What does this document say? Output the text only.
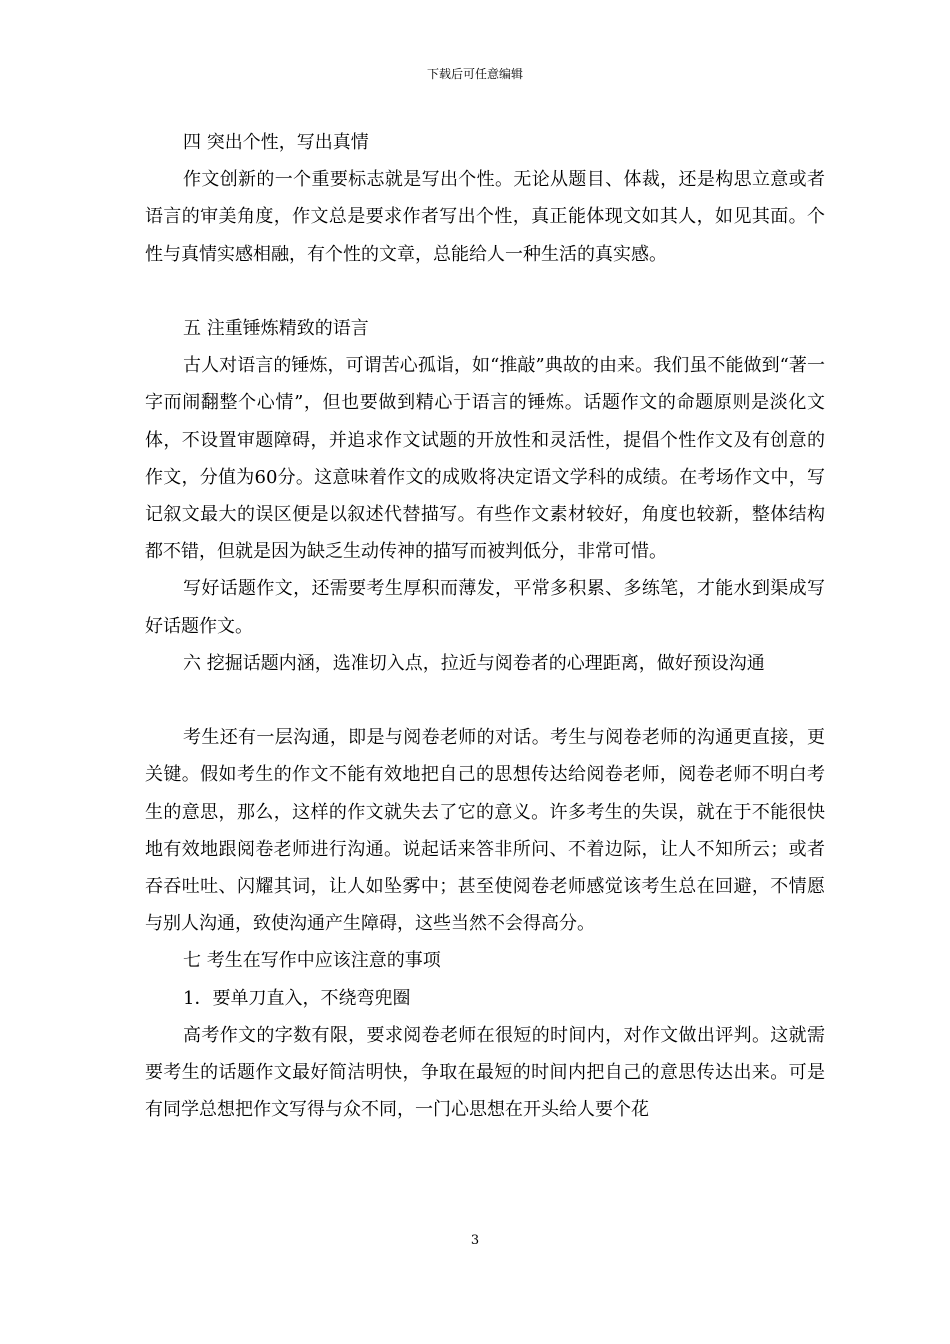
下载后可任意编辑

四 突出个性，写出真情

作文创新的一个重要标志就是写出个性。无论从题目、体裁，还是构思立意或者语言的审美角度，作文总是要求作者写出个性，真正能体现文如其人，如见其面。个性与真情实感相融，有个性的文章，总能给人一种生活的真实感。

五 注重锤炼精致的语言

古人对语言的锤炼，可谓苦心孤诣，如“推敲”典故的由来。我们虽不能做到“著一字而闹翻整个心情”，但也要做到精心于语言的锤炼。话题作文的命题原则是淡化文体，不设置审题障碍，并追求作文试题的开放性和灵活性，提倡个性作文及有创意的作文，分值为60分。这意味着作文的成败将决定语文学科的成绩。在考场作文中，写记叙文最大的误区便是以叙述代替描写。有些作文素材较好，角度也较新，整体结构都不错，但就是因为缺乏生动传神的描写而被判低分，非常可惜。

写好话题作文，还需要考生厚积而薄发，平常多积累、多练笔，才能水到渠成写好话题作文。

六 挖掘话题内涵，选准切入点，拉近与阅卷者的心理距离，做好预设沟通

考生还有一层沟通，即是与阅卷老师的对话。考生与阅卷老师的沟通更直接，更关键。假如考生的作文不能有效地把自己的思想传达给阅卷老师，阅卷老师不明白考生的意思，那么，这样的作文就失去了它的意义。许多考生的失误，就在于不能很快地有效地跟阅卷老师进行沟通。说起话来答非所问、不着边际，让人不知所云；或者吞吞吐吐、闪耀其词，让人如坠雾中；甚至使阅卷老师感觉该考生总在回避，不情愿与别人沟通，致使沟通产生障碍，这些当然不会得高分。

七 考生在写作中应该注意的事项

1．要单刀直入，不绕弯兜圈

高考作文的字数有限，要求阅卷老师在很短的时间内，对作文做出评判。这就需要考生的话题作文最好简洁明快，争取在最短的时间内把自己的意思传达出来。可是有同学总想把作文写得与众不同，一门心思想在开头给人要个花

3
